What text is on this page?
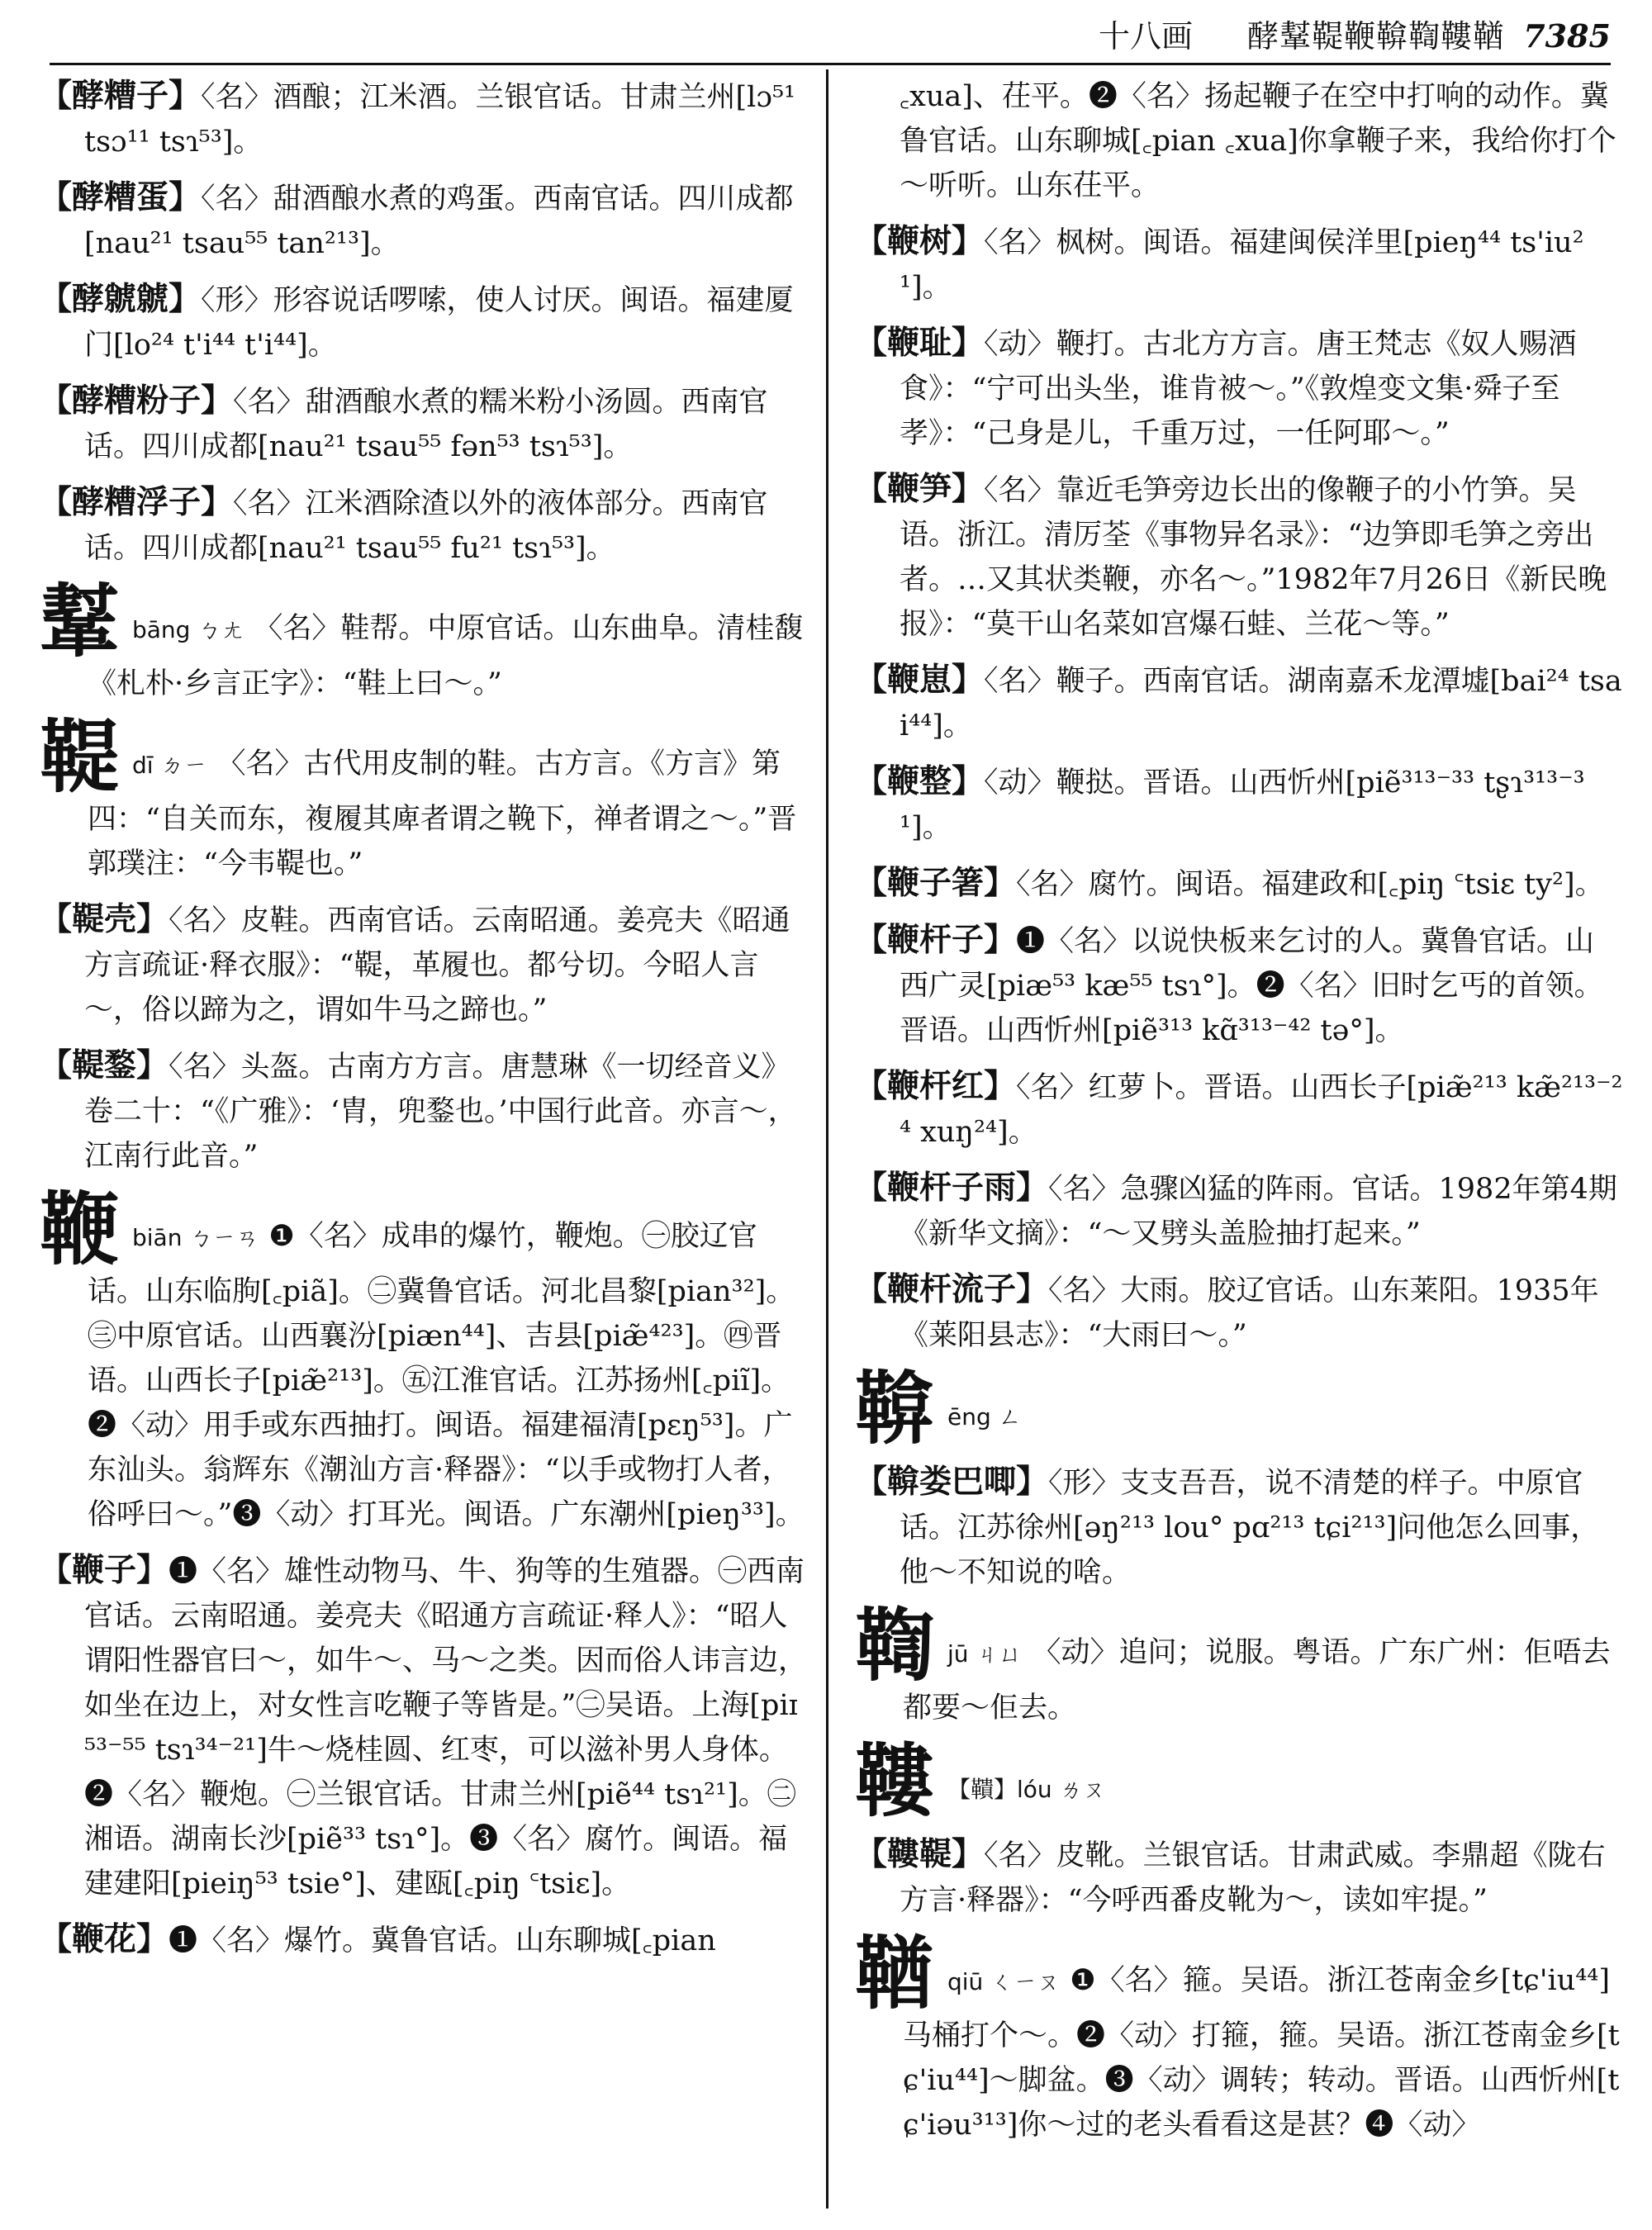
十八画 酵鞤鞮鞭鞥鞫鞻鞧 7385
【酵糟子】〈名〉酒酿；江米酒。兰银官话。甘肃兰州[lɔ⁵¹ tsɔ¹¹ tsɿ⁵³]。
【酵糟蛋】〈名〉甜酒酿水煮的鸡蛋。西南官话。四川成都[nau²¹ tsau⁵⁵ tan²¹³]。
【酵虩虩】〈形〉形容说话啰嗦，使人讨厌。闽语。福建厦门[lo²⁴ t'i⁴⁴ t'i⁴⁴]。
【酵糟粉子】〈名〉甜酒酿水煮的糯米粉小汤圆。西南官话。四川成都[nau²¹ tsau⁵⁵ fən⁵³ tsɿ⁵³]。
【酵糟浮子】〈名〉江米酒除渣以外的液体部分。西南官话。四川成都[nau²¹ tsau⁵⁵ fu²¹ tsɿ⁵³]。
鞤bāng ㄅㄤ 〈名〉鞋帮。中原官话。山东曲阜。清桂馥《札朴·乡言正字》：“鞋上曰～。”
鞮dī ㄉㄧ 〈名〉古代用皮制的鞋。古方言。《方言》第四：“自关而东，複履其庳者谓之鞔下，禅者谓之～。”晋郭璞注：“今韦鞮也。”
【鞮壳】〈名〉皮鞋。西南官话。云南昭通。姜亮夫《昭通方言疏证·释衣服》：“鞮，革履也。都兮切。今昭人言～，俗以蹄为之，谓如牛马之蹄也。”
【鞮鍪】〈名〉头盔。古南方方言。唐慧琳《一切经音义》卷二十：“《广雅》：‘胄，兜鍪也。’中国行此音。亦言～，江南行此音。”
鞭biān ㄅㄧㄢ ❶〈名〉成串的爆竹，鞭炮。㊀胶辽官话。山东临朐[꜀piã]。㊁冀鲁官话。河北昌黎[pian³²]。㊂中原官话。山西襄汾[piæn⁴⁴]、吉县[piæ̃⁴²³]。㊃晋语。山西长子[piæ̃²¹³]。㊄江淮官话。江苏扬州[꜀piĩ]。❷〈动〉用手或东西抽打。闽语。福建福清[pɛŋ⁵³]。广东汕头。翁辉东《潮汕方言·释器》：“以手或物打人者，俗呼曰～。”❸〈动〉打耳光。闽语。广东潮州[pieŋ³³]。
【鞭子】❶〈名〉雄性动物马、牛、狗等的生殖器。㊀西南官话。云南昭通。姜亮夫《昭通方言疏证·释人》：“昭人谓阳性器官曰～，如牛～、马～之类。因而俗人讳言边，如坐在边上，对女性言吃鞭子等皆是。”㊁吴语。上海[piɪ⁵³⁻⁵⁵ tsɿ³⁴⁻²¹]牛～烧桂圆、红枣，可以滋补男人身体。❷〈名〉鞭炮。㊀兰银官话。甘肃兰州[piẽ⁴⁴ tsɿ²¹]。㊁湘语。湖南长沙[piẽ³³ tsɿ°]。❸〈名〉腐竹。闽语。福建建阳[pieiŋ⁵³ tsie°]、建瓯[꜀piŋ ꜂tsiɛ]。
【鞭花】❶〈名〉爆竹。冀鲁官话。山东聊城[꜀pian
꜀xua]、茌平。❷〈名〉扬起鞭子在空中打响的动作。冀鲁官话。山东聊城[꜀pian ꜀xua]你拿鞭子来，我给你打个～听听。山东茌平。
【鞭树】〈名〉枫树。闽语。福建闽侯洋里[pieŋ⁴⁴ ts'iu²¹]。
【鞭耻】〈动〉鞭打。古北方方言。唐王梵志《奴人赐酒食》：“宁可出头坐，谁肯被～。”《敦煌变文集·舜子至孝》：“己身是儿，千重万过，一任阿耶～。”
【鞭笋】〈名〉靠近毛笋旁边长出的像鞭子的小竹笋。吴语。浙江。清厉荃《事物异名录》：“边笋即毛笋之旁出者。…又其状类鞭，亦名～。”1982年7月26日《新民晚报》：“莫干山名菜如宫爆石蛙、兰花～等。”
【鞭崽】〈名〉鞭子。西南官话。湖南嘉禾龙潭墟[bai²⁴ tsai⁴⁴]。
【鞭整】〈动〉鞭挞。晋语。山西忻州[piẽ³¹³⁻³³ tʂɿ³¹³⁻³¹]。
【鞭子箸】〈名〉腐竹。闽语。福建政和[꜀piŋ ꜂tsiɛ ty²]。
【鞭杆子】❶〈名〉以说快板来乞讨的人。冀鲁官话。山西广灵[piæ⁵³ kæ⁵⁵ tsɿ°]。❷〈名〉旧时乞丐的首领。晋语。山西忻州[piẽ³¹³ kɑ̃³¹³⁻⁴² tə°]。
【鞭杆红】〈名〉红萝卜。晋语。山西长子[piæ̃²¹³ kæ̃²¹³⁻²⁴ xuŋ²⁴]。
【鞭杆子雨】〈名〉急骤凶猛的阵雨。官话。1982年第4期《新华文摘》：“～又劈头盖脸抽打起来。”
【鞭杆流子】〈名〉大雨。胶辽官话。山东莱阳。1935年《莱阳县志》：“大雨曰～。”
鞥ēng ㄥ
【鞥娄巴唧】〈形〉支支吾吾，说不清楚的样子。中原官话。江苏徐州[əŋ²¹³ lou° pɑ²¹³ tɕi²¹³]问他怎么回事，他～不知说的啥。
鞫jū ㄐㄩ 〈动〉追问；说服。粤语。广东广州：佢唔去都要～佢去。
鞻 【鞼】lóu ㄌㄡ
【鞻鞮】〈名〉皮靴。兰银官话。甘肃武威。李鼎超《陇右方言·释器》：“今呼西番皮靴为～，读如牢提。”
鞧qiū ㄑㄧㄡ ❶〈名〉箍。吴语。浙江苍南金乡[tɕ'iu⁴⁴]马桶打个～。❷〈动〉打箍，箍。吴语。浙江苍南金乡[tɕ'iu⁴⁴]～脚盆。❸〈动〉调转；转动。晋语。山西忻州[tɕ'iəu³¹³]你～过的老头看看这是甚？❹〈动〉
